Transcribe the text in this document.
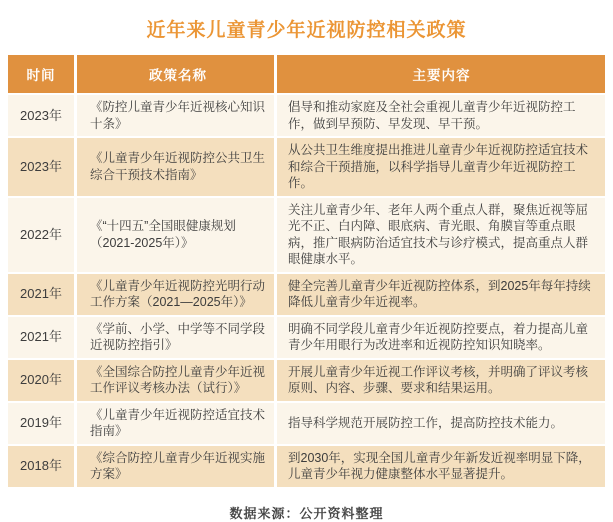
近年来儿童青少年近视防控相关政策
时间	政策名称	主要内容
2023年
《防控儿童青少年近视核心知识十条》
倡导和推动家庭及全社会重视儿童青少年近视防控工作，做到早预防、早发现、早干预。
2023年
《儿童青少年近视防控公共卫生综合干预技术指南》
从公共卫生维度提出推进儿童青少年近视防控适宜技术和综合干预措施，以科学指导儿童青少年近视防控工作。
2022年
《“十四五”全国眼健康规划（2021-2025年）》
关注儿童青少年、老年人两个重点人群，聚焦近视等屈光不正、白内障、眼底病、青光眼、角膜盲等重点眼病，推广眼病防治适宜技术与诊疗模式，提高重点人群眼健康水平。
2021年
《儿童青少年近视防控光明行动工作方案（2021—2025年）》
健全完善儿童青少年近视防控体系，到2025年每年持续降低儿童青少年近视率。
2021年
《学前、小学、中学等不同学段近视防控指引》
明确不同学段儿童青少年近视防控要点，着力提高儿童青少年用眼行为改进率和近视防控知识知晓率。
2020年
《全国综合防控儿童青少年近视工作评议考核办法（试行）》
开展儿童青少年近视工作评议考核，并明确了评议考核原则、内容、步骤、要求和结果运用。
2019年
《儿童青少年近视防控适宜技术指南》
指导科学规范开展防控工作，提高防控技术能力。
2018年
《综合防控儿童青少年近视实施方案》
到2030年，实现全国儿童青少年新发近视率明显下降，儿童青少年视力健康整体水平显著提升。
数据来源：公开资料整理
